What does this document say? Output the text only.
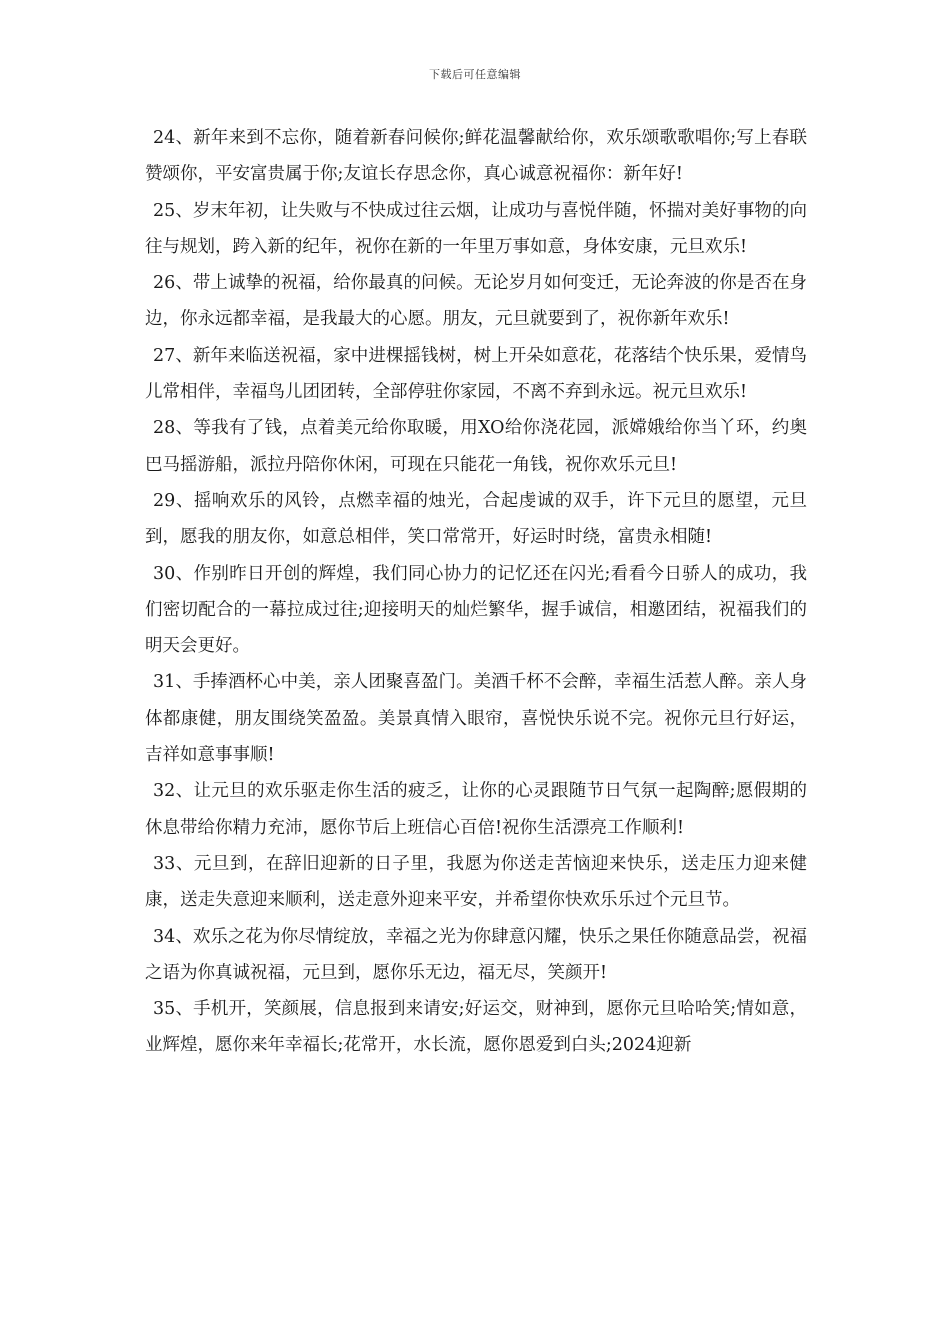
下载后可任意编辑

24、新年来到不忘你，随着新春问候你;鲜花温馨献给你，欢乐颂歌歌唱你;写上春联赞颂你，平安富贵属于你;友谊长存思念你，真心诚意祝福你：新年好!

25、岁末年初，让失败与不快成过往云烟，让成功与喜悦伴随，怀揣对美好事物的向往与规划，跨入新的纪年，祝你在新的一年里万事如意，身体安康，元旦欢乐!

26、带上诚挚的祝福，给你最真的问候。无论岁月如何变迁，无论奔波的你是否在身边，你永远都幸福，是我最大的心愿。朋友，元旦就要到了，祝你新年欢乐!

27、新年来临送祝福，家中进棵摇钱树，树上开朵如意花，花落结个快乐果，爱情鸟儿常相伴，幸福鸟儿团团转，全部停驻你家园，不离不弃到永远。祝元旦欢乐!

28、等我有了钱，点着美元给你取暖，用XO给你浇花园，派嫦娥给你当丫环，约奥巴马摇游船，派拉丹陪你休闲，可现在只能花一角钱，祝你欢乐元旦!

29、摇响欢乐的风铃，点燃幸福的烛光，合起虔诚的双手，许下元旦的愿望，元旦到，愿我的朋友你，如意总相伴，笑口常常开，好运时时绕，富贵永相随!

30、作别昨日开创的辉煌，我们同心协力的记忆还在闪光;看看今日骄人的成功，我们密切配合的一幕拉成过往;迎接明天的灿烂繁华，握手诚信，相邀团结，祝福我们的明天会更好。

31、手捧酒杯心中美，亲人团聚喜盈门。美酒千杯不会醉，幸福生活惹人醉。亲人身体都康健，朋友围绕笑盈盈。美景真情入眼帘，喜悦快乐说不完。祝你元旦行好运，吉祥如意事事顺!

32、让元旦的欢乐驱走你生活的疲乏，让你的心灵跟随节日气氛一起陶醉;愿假期的休息带给你精力充沛，愿你节后上班信心百倍!祝你生活漂亮工作顺利!

33、元旦到，在辞旧迎新的日子里，我愿为你送走苦恼迎来快乐，送走压力迎来健康，送走失意迎来顺利，送走意外迎来平安，并希望你快欢乐乐过个元旦节。

34、欢乐之花为你尽情绽放，幸福之光为你肆意闪耀，快乐之果任你随意品尝，祝福之语为你真诚祝福，元旦到，愿你乐无边，福无尽，笑颜开!

35、手机开，笑颜展，信息报到来请安;好运交，财神到，愿你元旦哈哈笑;情如意，业辉煌，愿你来年幸福长;花常开，水长流，愿你恩爱到白头;2024迎新
